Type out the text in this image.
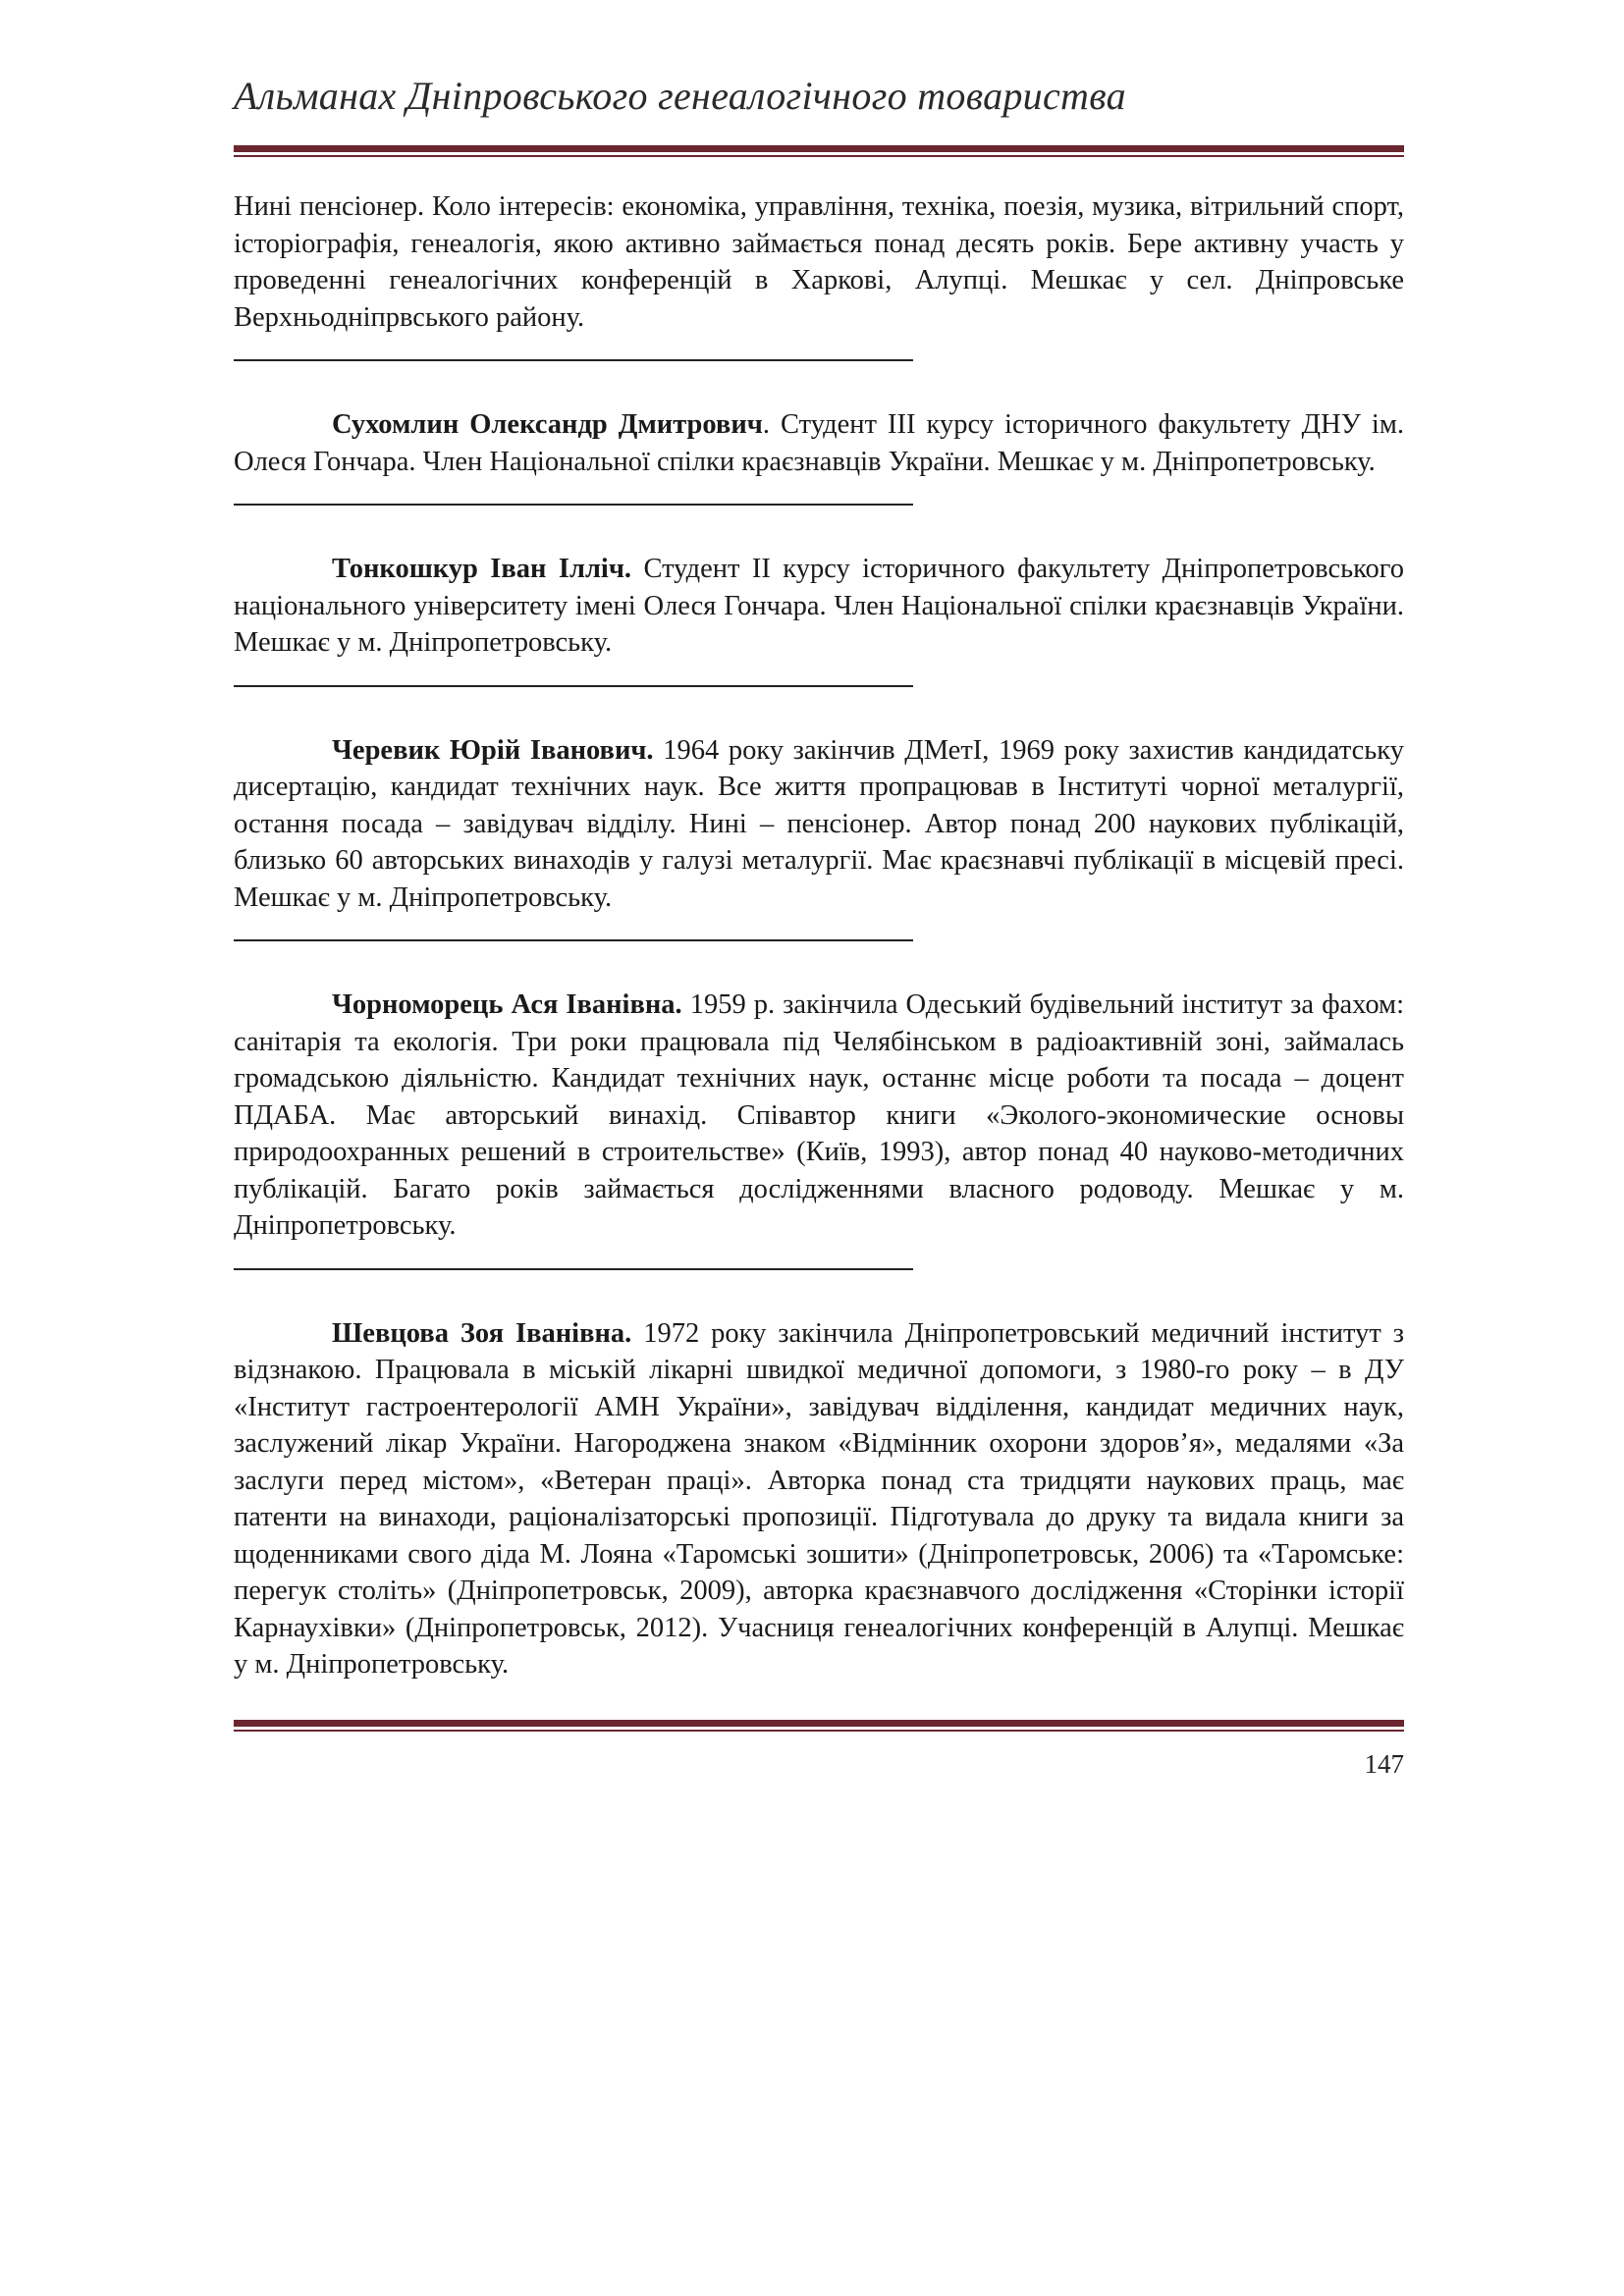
Альманах Дніпровського генеалогічного товариства

Нині пенсіонер. Коло інтересів: економіка, управління, техніка, поезія, музика, вітрильний спорт, історіографія, генеалогія, якою активно займається понад десять років. Бере активну участь у проведенні генеалогічних конференцій в Харкові, Алупці. Мешкає у сел. Дніпровське Верхньодніпрвського району.

Сухомлин Олександр Дмитрович. Студент III курсу історичного факультету ДНУ ім. Олеся Гончара. Член Національної спілки краєзнавців України. Мешкає у м. Дніпропетровську.

Тонкошкур Іван Ілліч. Студент II курсу історичного факультету Дніпропетровського національного університету імені Олеся Гончара. Член Національної спілки краєзнавців України. Мешкає у м. Дніпропетровську.

Черевик Юрій Іванович. 1964 року закінчив ДМетІ, 1969 року захистив кандидатську дисертацію, кандидат технічних наук. Все життя пропрацював в Інституті чорної металургії, остання посада – завідувач відділу. Нині – пенсіонер. Автор понад 200 наукових публікацій, близько 60 авторських винаходів у галузі металургії. Має краєзнавчі публікації в місцевій пресі. Мешкає у м. Дніпропетровську.

Чорноморець Ася Іванівна. 1959 р. закінчила Одеський будівельний інститут за фахом: санітарія та екологія. Три роки працювала під Челябінськом в радіоактивній зоні, займалась громадською діяльністю. Кандидат технічних наук, останнє місце роботи та посада – доцент ПДАБА. Має авторський винахід. Співавтор книги «Эколого-экономические основы природоохранных решений в строительстве» (Київ, 1993), автор понад 40 науково-методичних публікацій. Багато років займається дослідженнями власного родоводу. Мешкає у м. Дніпропетровську.

Шевцова Зоя Іванівна. 1972 року закінчила Дніпропетровський медичний інститут з відзнакою. Працювала в міській лікарні швидкої медичної допомоги, з 1980-го року – в ДУ «Інститут гастроентерології АМН України», завідувач відділення, кандидат медичних наук, заслужений лікар України. Нагороджена знаком «Відмінник охорони здоров’я», медалями «За заслуги перед містом», «Ветеран праці». Авторка понад ста тридцяти наукових праць, має патенти на винаходи, раціоналізаторські пропозиції. Підготувала до друку та видала книги за щоденниками свого діда М. Лояна «Таромські зошити» (Дніпропетровськ, 2006) та «Таромське: перегук століть» (Дніпропетровськ, 2009), авторка краєзнавчого дослідження «Сторінки історії Карнаухівки» (Дніпропетровськ, 2012). Учасниця генеалогічних конференцій в Алупці. Мешкає у м. Дніпропетровську.

147
